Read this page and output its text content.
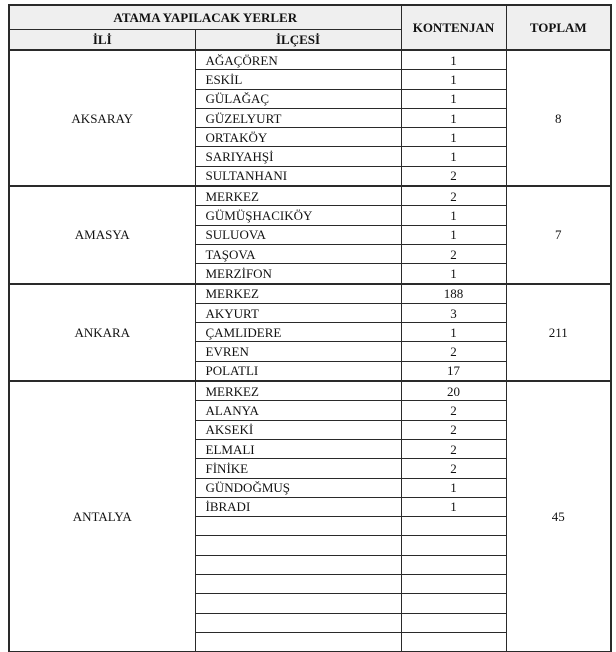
ATAMA YAPILACAK YERLER		KONTENJAN	TOPLAM
İLİ	İLÇESİ		
AKSARAY	AĞAÇÖREN	1	8
	ESKİL	1	
	GÜLAĞAÇ	1	
	GÜZELYURT	1	
	ORTAKÖY	1	
	SARIYAHŞİ	1	
	SULTANHANI	2	
AMASYA	MERKEZ	2	7
	GÜMÜŞHACIKÖY	1	
	SULUOVA	1	
	TAŞOVA	2	
	MERZİFON	1	
ANKARA	MERKEZ	188	211
	AKYURT	3	
	ÇAMLIDERE	1	
	EVREN	2	
	POLATLI	17	
ANTALYA	MERKEZ	20	45
	ALANYA	2	
	AKSEKİ	2	
	ELMALI	2	
	FİNİKE	2	
	GÜNDOĞMUŞ	1	
	İBRADI	1	
